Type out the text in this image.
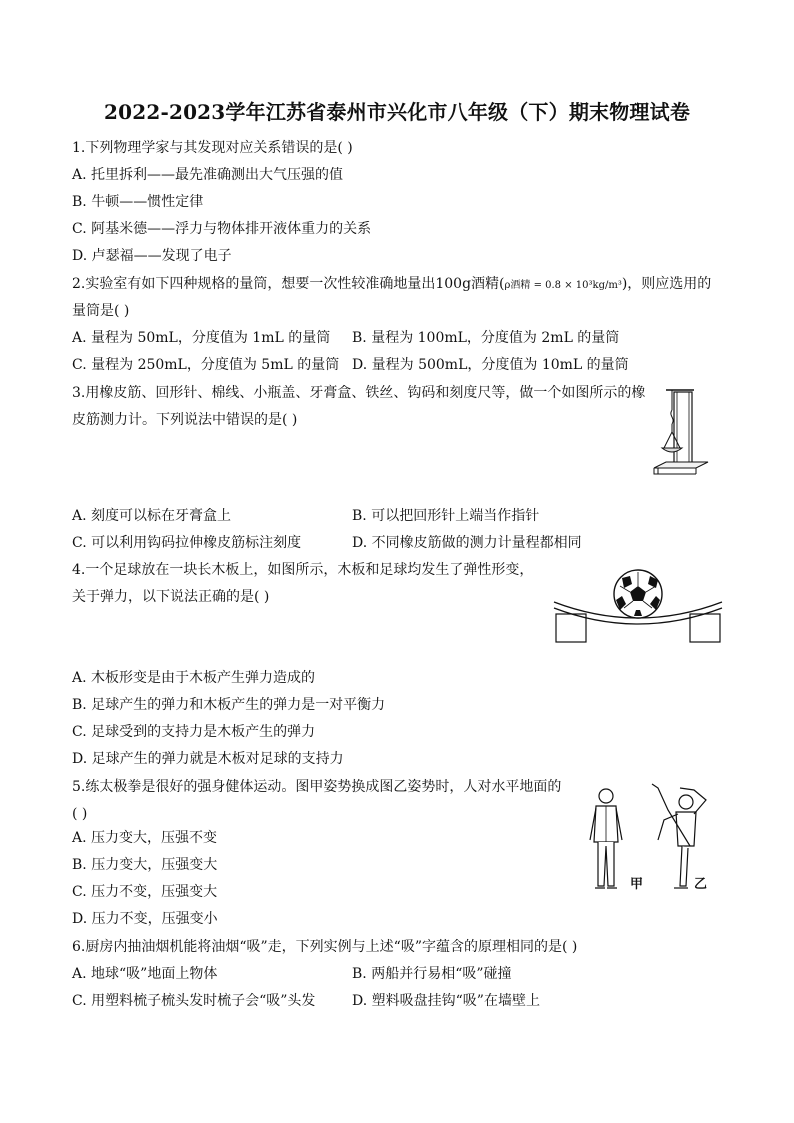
2022-2023学年江苏省泰州市兴化市八年级（下）期末物理试卷
1.下列物理学家与其发现对应关系错误的是( )
A. 托里拆利——最先准确测出大气压强的值
B. 牛顿——惯性定律
C. 阿基米德——浮力与物体排开液体重力的关系
D. 卢瑟福——发现了电子
2.实验室有如下四种规格的量筒，想要一次性较准确地量出100g酒精(ρ酒精 = 0.8 × 10³kg/m³)，则应选用的
量筒是( )
A. 量程为 50mL，分度值为 1mL 的量筒 B. 量程为 100mL，分度值为 2mL 的量筒
C. 量程为 250mL，分度值为 5mL 的量筒 D. 量程为 500mL，分度值为 10mL 的量筒
3.用橡皮筋、回形针、棉线、小瓶盖、牙膏盒、铁丝、钩码和刻度尺等，做一个如图所示的橡
皮筋测力计。下列说法中错误的是( )
A. 刻度可以标在牙膏盒上	B. 可以把回形针上端当作指针
C. 可以利用钩码拉伸橡皮筋标注刻度	D. 不同橡皮筋做的测力计量程都相同
4.一个足球放在一块长木板上，如图所示，木板和足球均发生了弹性形变，
关于弹力，以下说法正确的是( )
A. 木板形变是由于木板产生弹力造成的
B. 足球产生的弹力和木板产生的弹力是一对平衡力
C. 足球受到的支持力是木板产生的弹力
D. 足球产生的弹力就是木板对足球的支持力
5.练太极拳是很好的强身健体运动。图甲姿势换成图乙姿势时，人对水平地面的
( )
A. 压力变大，压强不变
B. 压力变大，压强变大
C. 压力不变，压强变大
D. 压力不变，压强变小
甲	乙
6.厨房内抽油烟机能将油烟“吸”走，下列实例与上述“吸”字蕴含的原理相同的是( )
A. 地球“吸”地面上物体	B. 两船并行易相“吸”碰撞
C. 用塑料梳子梳头发时梳子会“吸”头发	D. 塑料吸盘挂钩“吸”在墙壁上
